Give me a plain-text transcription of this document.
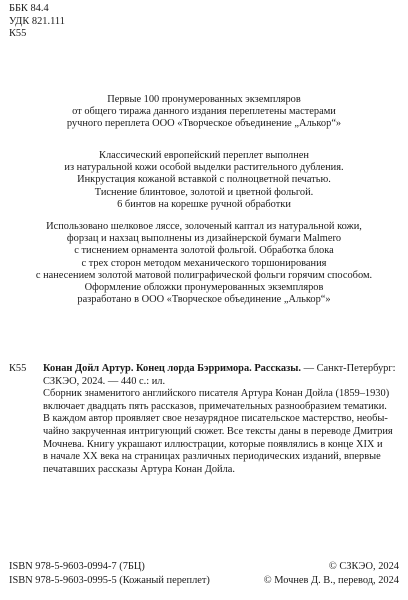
ББК 84.4
УДК 821.111
К55
Первые 100 пронумерованных экземпляров
от общего тиража данного издания переплетены мастерами
ручного переплета ООО «Творческое объединение „Алькор“»
Классический европейский переплет выполнен
из натуральной кожи особой выделки растительного дубления.
Инкрустация кожаной вставкой с полноцветной печатью.
Тиснение блинтовое, золотой и цветной фольгой.
6 бинтов на корешке ручной обработки
Использовано шелковое ляссе, золоченый каптал из натуральной кожи,
форзац и нахзац выполнены из дизайнерской бумаги Malmero
с тиснением орнамента золотой фольгой. Обработка блока
с трех сторон методом механического торшонирования
с нанесением золотой матовой полиграфической фольги горячим способом.
Оформление обложки пронумерованных экземпляров
разработано в ООО «Творческое объединение „Алькор“»
К55	Конан Дойл Артур. Конец лорда Бэрримора. Рассказы. — Санкт-Петербург:
СЗКЭО, 2024. — 440 с.: ил.
Сборник знаменитого английского писателя Артура Конан Дойла (1859–1930)
включает двадцать пять рассказов, примечательных разнообразием тематики.
В каждом автор проявляет свое незаурядное писательское мастерство, необы-
чайно закрученная интригующий сюжет. Все тексты даны в переводе Дмитрия
Мочнева. Книгу украшают иллюстрации, которые появлялись в конце XIX и
в начале XX века на страницах различных периодических изданий, впервые
печатавших рассказы Артура Конан Дойла.
ISBN 978-5-9603-0994-7 (7БЦ)	© СЗКЭО, 2024
ISBN 978-5-9603-0995-5 (Кожаный переплет)	© Мочнев Д. В., перевод, 2024
